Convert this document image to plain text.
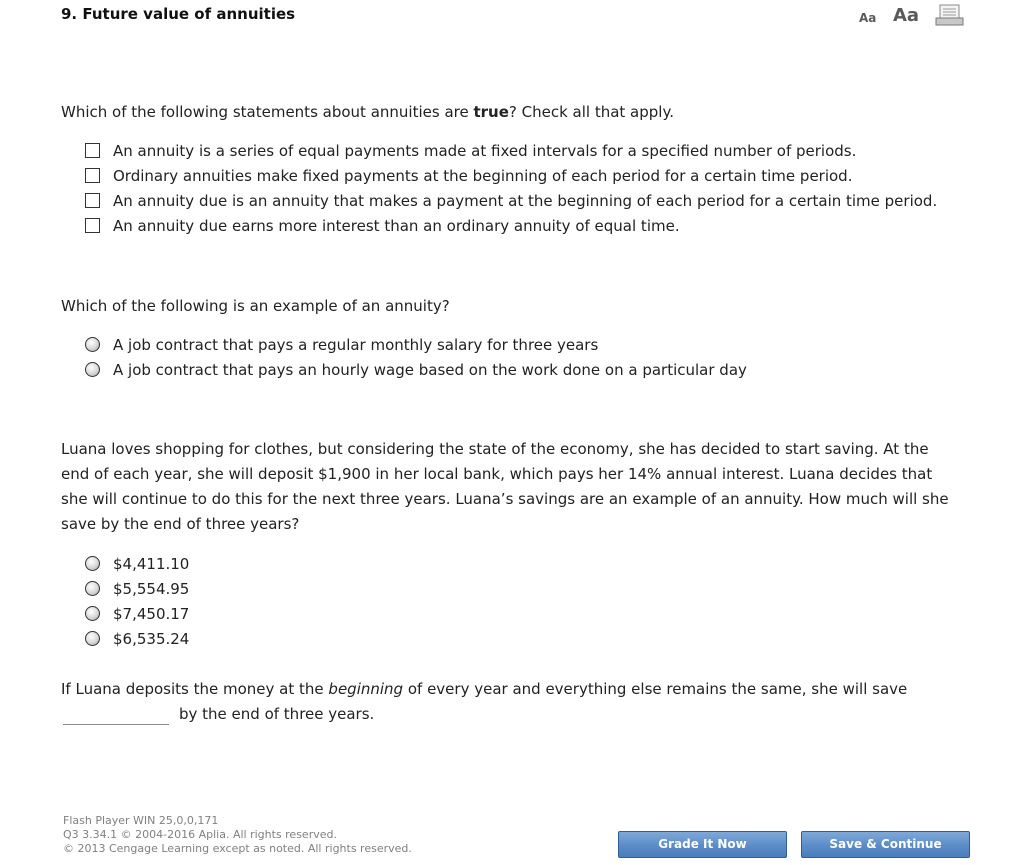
9. Future value of annuities	Aa Aa
Which of the following statements about annuities are true? Check all that apply.
An annuity is a series of equal payments made at fixed intervals for a specified number of periods.
Ordinary annuities make fixed payments at the beginning of each period for a certain time period.
An annuity due is an annuity that makes a payment at the beginning of each period for a certain time period.
An annuity due earns more interest than an ordinary annuity of equal time.
Which of the following is an example of an annuity?
A job contract that pays a regular monthly salary for three years
A job contract that pays an hourly wage based on the work done on a particular day
Luana loves shopping for clothes, but considering the state of the economy, she has decided to start saving. At the end of each year, she will deposit $1,900 in her local bank, which pays her 14% annual interest. Luana decides that she will continue to do this for the next three years. Luana’s savings are an example of an annuity. How much will she save by the end of three years?
$4,411.10
$5,554.95
$7,450.17
$6,535.24
If Luana deposits the money at the beginning of every year and everything else remains the same, she will save
by the end of three years.
Flash Player WIN 25,0,0,171
Q3 3.34.1 © 2004-2016 Aplia. All rights reserved.
© 2013 Cengage Learning except as noted. All rights reserved.	Grade It Now	Save & Continue
